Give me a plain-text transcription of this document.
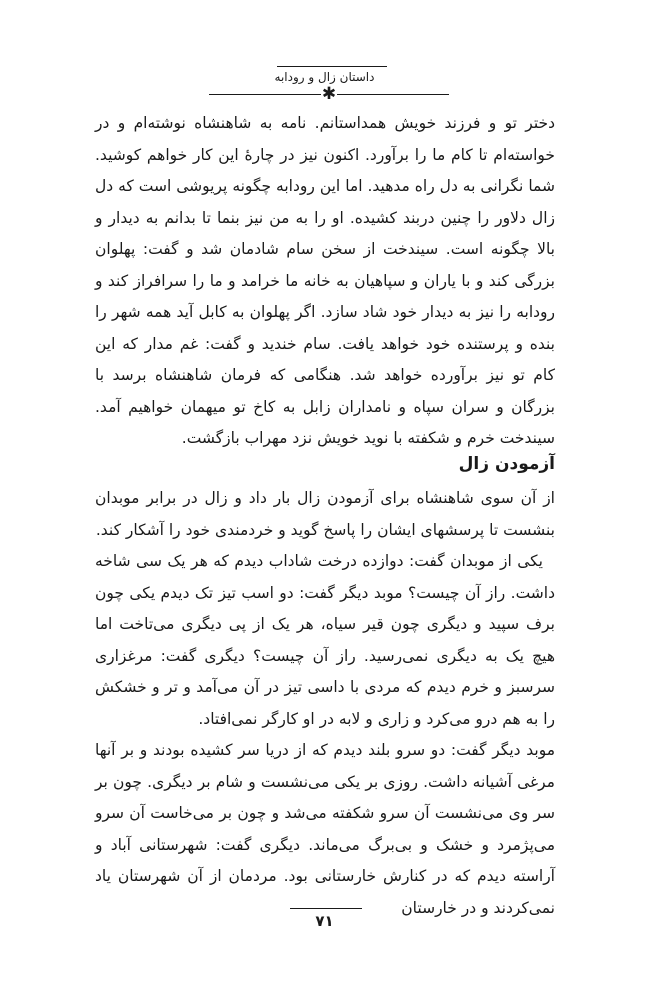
داستان زال و رودابه
✱

دختر تو و فرزند خویش همداستانم. نامه به شاهنشاه نوشته‌ام و در خواسته‌ام تا کام ما را برآورد. اکنون نیز در چارهٔ این کار خواهم کوشید. شما نگرانی به دل راه مدهید. اما این رودابه چگونه پریوشی است که دل زال دلاور را چنین دربند کشیده. او را به من نیز بنما تا بدانم به دیدار و بالا چگونه است. سیندخت از سخن سام شادمان شد و گفت: پهلوان بزرگی کند و با یاران و سپاهیان به خانه ما خرامد و ما را سرافراز کند و رودابه را نیز به دیدار خود شاد سازد. اگر پهلوان به کابل آید همه شهر را بنده و پرستنده خود خواهد یافت. سام خندید و گفت: غم مدار که این کام تو نیز برآورده خواهد شد. هنگامی که فرمان شاهنشاه برسد با بزرگان و سران سپاه و نامداران زابل به کاخ تو میهمان خواهیم آمد. سیندخت خرم و شکفته با نوید خویش نزد مهراب بازگشت.

آزمودن زال

از آن سوی شاهنشاه برای آزمودن زال بار داد و زال در برابر موبدان بنشست تا پرسشهای ایشان را پاسخ گوید و خردمندی خود را آشکار کند.

یکی از موبدان گفت: دوازده درخت شاداب دیدم که هر یک سی شاخه داشت. راز آن چیست؟ موبد دیگر گفت: دو اسب تیز تک دیدم یکی چون برف سپید و دیگری چون قیر سیاه، هر یک از پی دیگری می‌تاخت اما هیچ یک به دیگری نمی‌رسید. راز آن چیست؟ دیگری گفت: مرغزاری سرسبز و خرم دیدم که مردی با داسی تیز در آن می‌آمد و تر و خشکش را به هم درو می‌کرد و زاری و لابه در او کارگر نمی‌افتاد.

موبد دیگر گفت: دو سرو بلند دیدم که از دریا سر کشیده بودند و بر آنها مرغی آشیانه داشت. روزی بر یکی می‌نشست و شام بر دیگری. چون بر سر وی می‌نشست آن سرو شکفته می‌شد و چون بر می‌خاست آن سرو می‌پژمرد و خشک و بی‌برگ می‌ماند. دیگری گفت: شهرستانی آباد و آراسته دیدم که در کنارش خارستانی بود. مردمان از آن شهرستان یاد نمی‌کردند و در خارستان

۷۱
